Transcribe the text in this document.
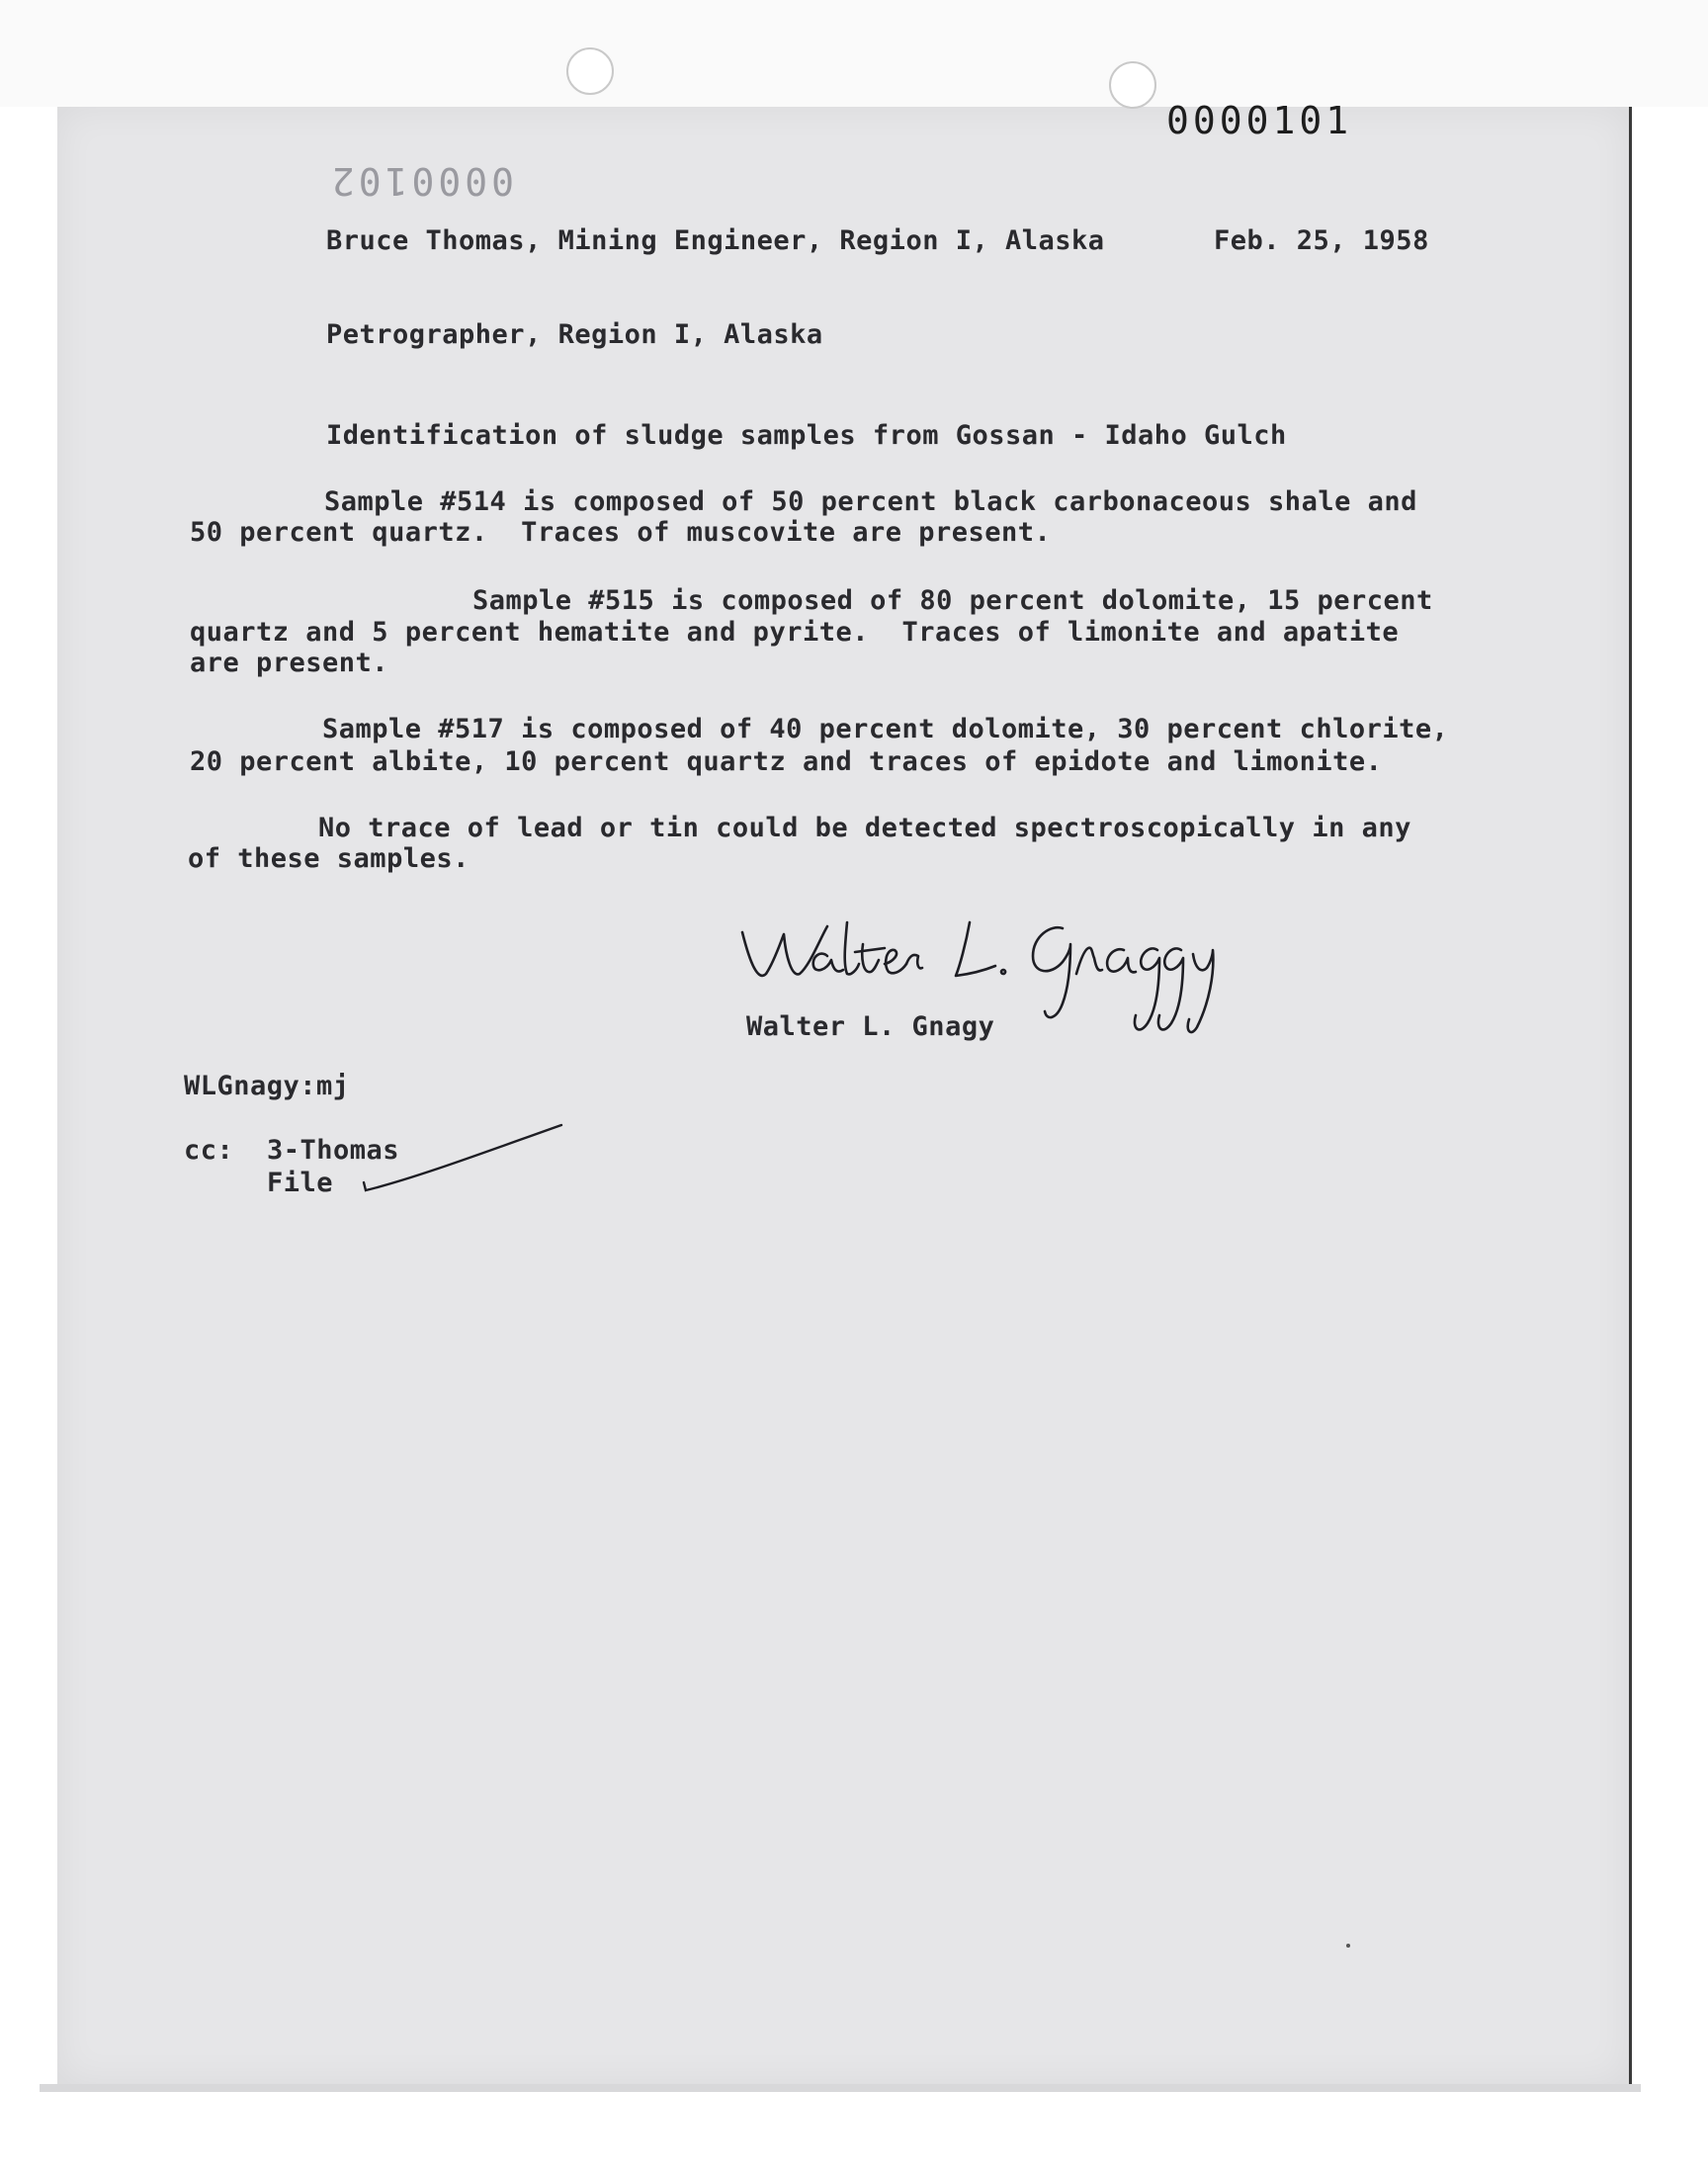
0000101
0000102
Bruce Thomas, Mining Engineer, Region I, Alaska	Feb. 25, 1958
Petrographer, Region I, Alaska
Identification of sludge samples from Gossan - Idaho Gulch
Sample #514 is composed of 50 percent black carbonaceous shale and
50 percent quartz.  Traces of muscovite are present.
Sample #515 is composed of 80 percent dolomite, 15 percent
quartz and 5 percent hematite and pyrite.  Traces of limonite and apatite
are present.
Sample #517 is composed of 40 percent dolomite, 30 percent chlorite,
20 percent albite, 10 percent quartz and traces of epidote and limonite.
No trace of lead or tin could be detected spectroscopically in any
of these samples.
Walter L. Gnagy
WLGnagy:mj
cc: 3-Thomas
File
